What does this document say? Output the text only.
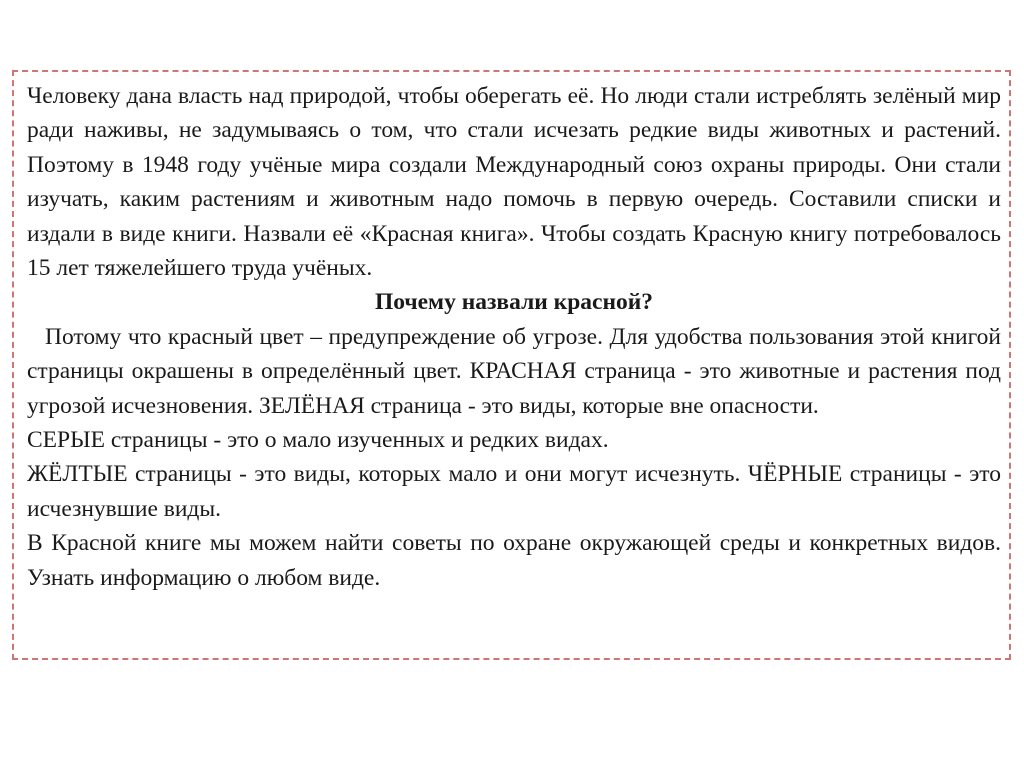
Человеку дана власть над природой, чтобы оберегать её. Но люди стали истреблять зелёный мир ради наживы, не задумываясь о том, что стали исчезать редкие виды животных и растений. Поэтому в 1948 году учёные мира создали Международный союз охраны природы. Они стали изучать, каким растениям и животным надо помочь в первую очередь. Составили списки и издали в виде книги. Назвали её «Красная книга». Чтобы создать Красную книгу потребовалось 15 лет тяжелейшего труда учёных.

Почему назвали красной?

Потому что красный цвет – предупреждение об угрозе. Для удобства пользования этой книгой страницы окрашены в определённый цвет. КРАСНАЯ страница - это животные и растения под угрозой исчезновения. ЗЕЛЁНАЯ страница - это виды, которые вне опасности.

СЕРЫЕ страницы - это о мало изученных и редких видах.

ЖЁЛТЫЕ страницы - это виды, которых мало и они могут исчезнуть. ЧЁРНЫЕ страницы - это исчезнувшие виды.

В Красной книге мы можем найти советы по охране окружающей среды и конкретных видов. Узнать информацию о любом виде.
